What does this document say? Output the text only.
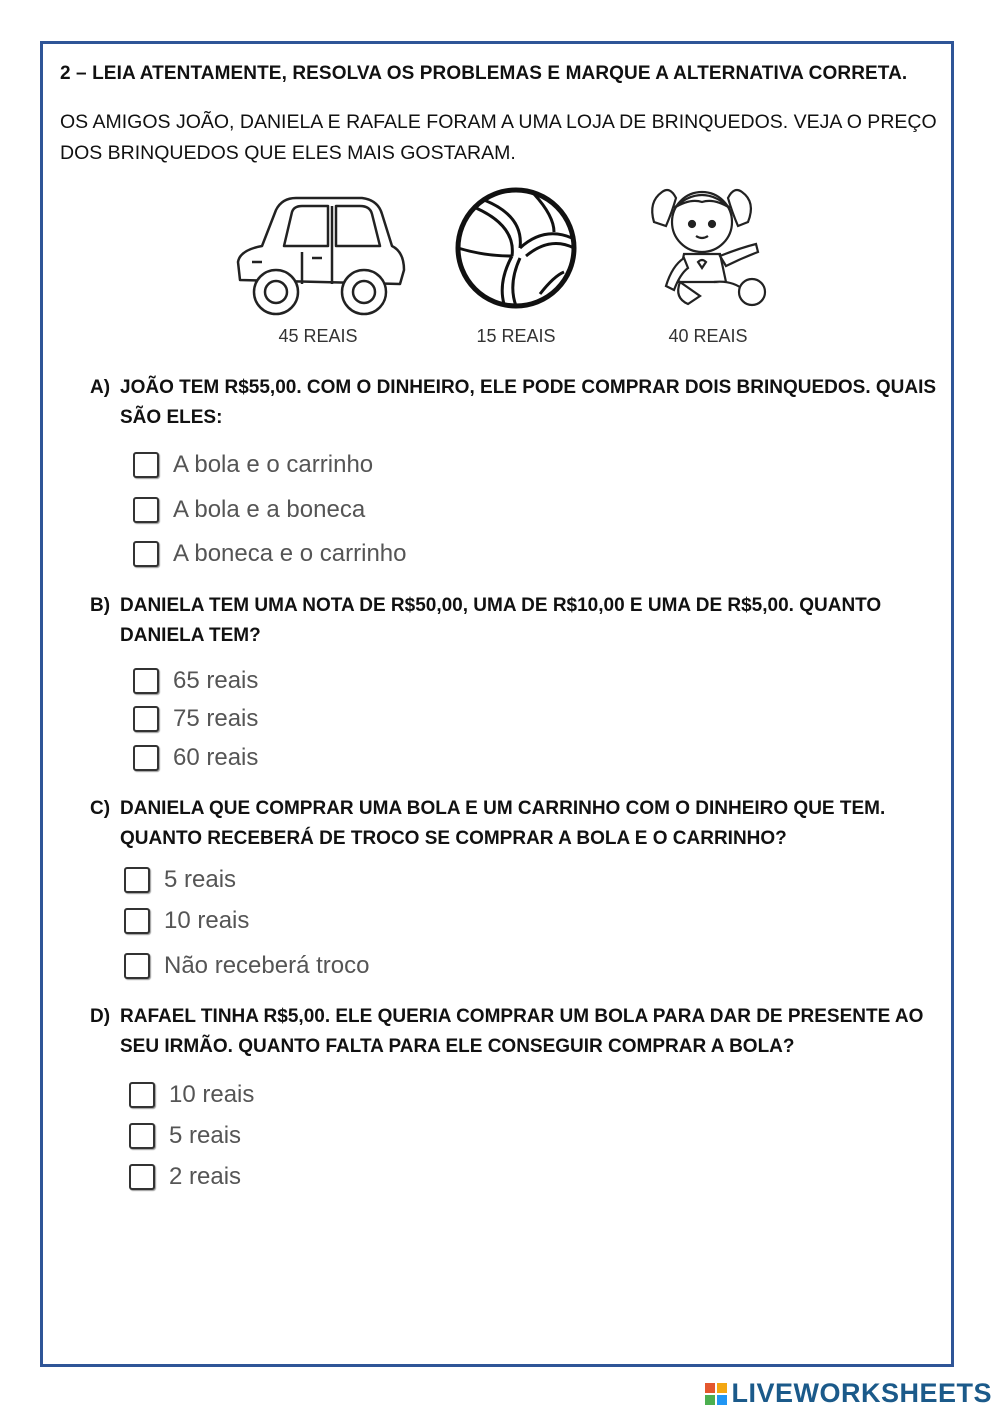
2 – LEIA ATENTAMENTE, RESOLVA OS PROBLEMAS E MARQUE A ALTERNATIVA CORRETA.
OS AMIGOS JOÃO, DANIELA E RAFALE FORAM A UMA LOJA DE BRINQUEDOS. VEJA O PREÇO DOS BRINQUEDOS QUE ELES MAIS GOSTARAM.
45 REAIS	15 REAIS	40 REAIS
A) JOÃO TEM R$55,00. COM O DINHEIRO, ELE PODE COMPRAR DOIS BRINQUEDOS. QUAIS SÃO ELES:
A bola e o carrinho
A bola e a boneca
A boneca e o carrinho
B) DANIELA TEM UMA NOTA DE R$50,00, UMA DE R$10,00 E UMA DE R$5,00. QUANTO DANIELA TEM?
65 reais
75 reais
60 reais
C) DANIELA QUE COMPRAR UMA BOLA E UM CARRINHO COM O DINHEIRO QUE TEM. QUANTO RECEBERÁ DE TROCO SE COMPRAR A BOLA E O CARRINHO?
5 reais
10 reais
Não receberá troco
D) RAFAEL TINHA R$5,00. ELE QUERIA COMPRAR UM BOLA PARA DAR DE PRESENTE AO SEU IRMÃO. QUANTO FALTA PARA ELE CONSEGUIR COMPRAR A BOLA?
10 reais
5 reais
2 reais
LIVEWORKSHEETS
